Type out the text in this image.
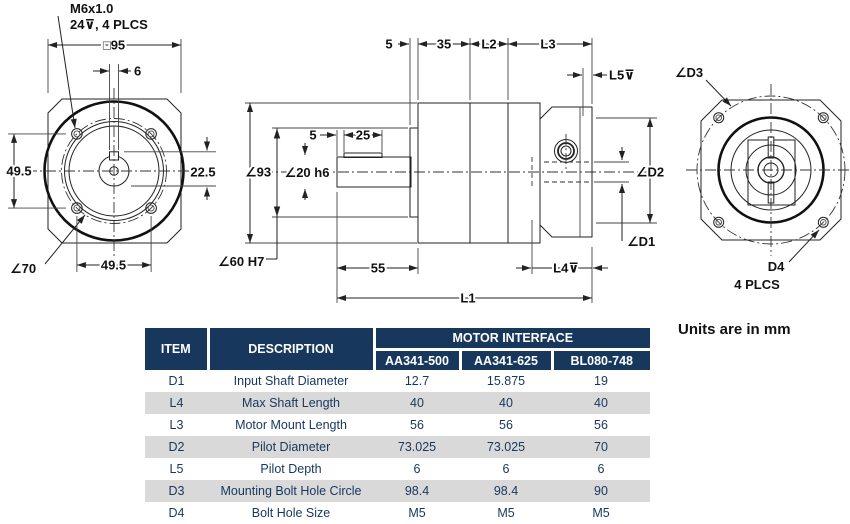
□95
6
M6x1.0
24⊽, 4 PLCS
49.5	22.5
∠70	49.5
5	35 L2	L3
L5⊽
∠93
∠60 H7
∠20 h6
5	25
55
L1
L4⊽
∠D2
∠D1
∠D3
D4
4 PLCS
ITEM	DESCRIPTION	MOTOR INTERFACE		
		AA341-500	AA341-625	BL080-748
D1	Input Shaft Diameter	12.7	15.875	19
L4	Max Shaft Length	40	40	40
L3	Motor Mount Length	56	56	56
D2	Pilot Diameter	73.025	73.025	70
L5	Pilot Depth	6	6	6
D3	Mounting Bolt Hole Circle	98.4	98.4	90
D4	Bolt Hole Size	M5	M5	M5
Units are in mm
